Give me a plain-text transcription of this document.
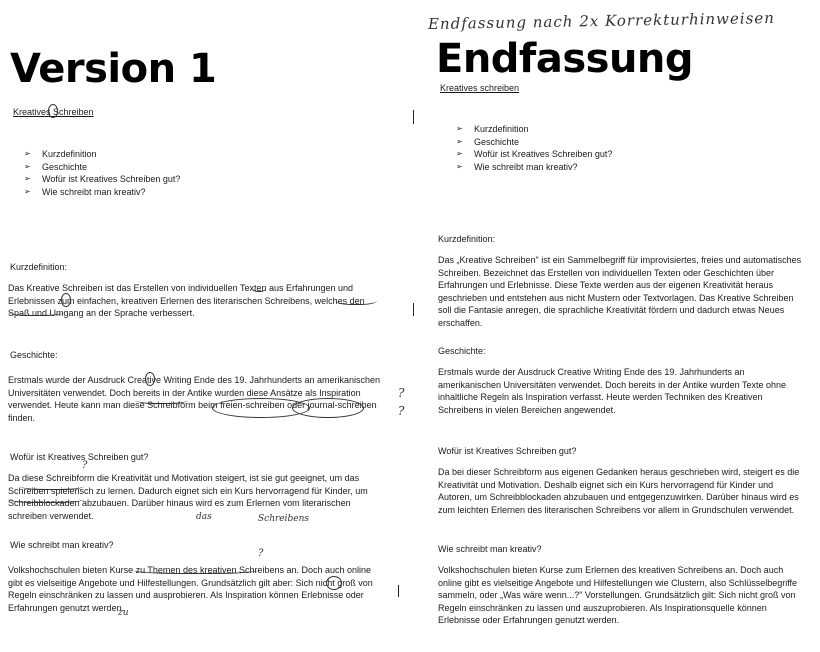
Version 1
Kreatives Schreiben
➢ Kurzdefinition
➢ Geschichte
➢ Wofür ist Kreatives Schreiben gut?
➢ Wie schreibt man kreativ?
Kurzdefinition:
Das Kreative Schreiben ist das Erstellen von individuellen Texten aus Erfahrungen und Erlebnissen zum einfachen, kreativen Erlernen des literarischen Schreibens, welches den Spaß und Umgang an der Sprache verbessert.
Geschichte:
Erstmals wurde der Ausdruck Creative Writing Ende des 19. Jahrhunderts an amerikanischen Universitäten verwendet. Doch bereits in der Antike wurden diese Ansätze als Inspiration verwendet. Heute kann man diese Schreibform beim freien-schreiben oder journal-schreiben finden.
Wofür ist Kreatives Schreiben gut?
Da diese Schreibform die Kreativität und Motivation steigert, ist sie gut geeignet, um das Schreiben spielerisch zu lernen. Dadurch eignet sich ein Kurs hervorragend für Kinder, um Schreibblockaden abzubauen. Darüber hinaus wird es zum Erlernen vom literarischen schreiben verwendet.
Wie schreibt man kreativ?
Volkshochschulen bieten Kurse zu Themen des kreativen Schreibens an. Doch auch online gibt es vielseitige Angebote und Hilfestellungen. Grundsätzlich gilt aber: Sich nicht groß von Regeln einschränken zu lassen und ausprobieren. Als Inspiration können Erlebnisse oder Erfahrungen genutzt werden.
?
?
?
?
das	Schreibens
zu
Endfassung nach 2x Korrekturhinweisen
Endfassung
Kreatives schreiben
➢ Kurzdefinition
➢ Geschichte
➢ Wofür ist Kreatives Schreiben gut?
➢ Wie schreibt man kreativ?
Kurzdefinition:
Das „Kreative Schreiben" ist ein Sammelbegriff für improvisiertes, freies und automatisches Schreiben. Bezeichnet das Erstellen von individuellen Texten oder Geschichten über Erfahrungen und Erlebnisse. Diese Texte werden aus der eigenen Kreativität heraus geschrieben und entstehen aus nicht Mustern oder Textvorlagen. Das Kreative Schreiben soll die Fantasie anregen, die sprachliche Kreativität fördern und dadurch etwas Neues erschaffen.
Geschichte:
Erstmals wurde der Ausdruck Creative Writing Ende des 19. Jahrhunderts an amerikanischen Universitäten verwendet. Doch bereits in der Antike wurden Texte ohne inhaltliche Regeln als Inspiration verfasst. Heute werden Techniken des Kreativen Schreibens in vielen Bereichen angewendet.
Wofür ist Kreatives Schreiben gut?
Da bei dieser Schreibform aus eigenen Gedanken heraus geschrieben wird, steigert es die Kreativität und Motivation. Deshalb eignet sich ein Kurs hervorragend für Kinder und Autoren, um Schreibblockaden abzubauen und entgegenzuwirken. Darüber hinaus wird es zum leichten Erlernen des literarischen Schreibens vor allem in Grundschulen verwendet.
Wie schreibt man kreativ?
Volkshochschulen bieten Kurse zum Erlernen des kreativen Schreibens an. Doch auch online gibt es vielseitige Angebote und Hilfestellungen wie Clustern, also Schlüsselbegriffe sammeln, oder „Was wäre wenn...?" Vorstellungen. Grundsätzlich gilt: Sich nicht groß von Regeln einschränken zu lassen und auszuprobieren. Als Inspirationsquelle können Erlebnisse oder Erfahrungen genutzt werden.
